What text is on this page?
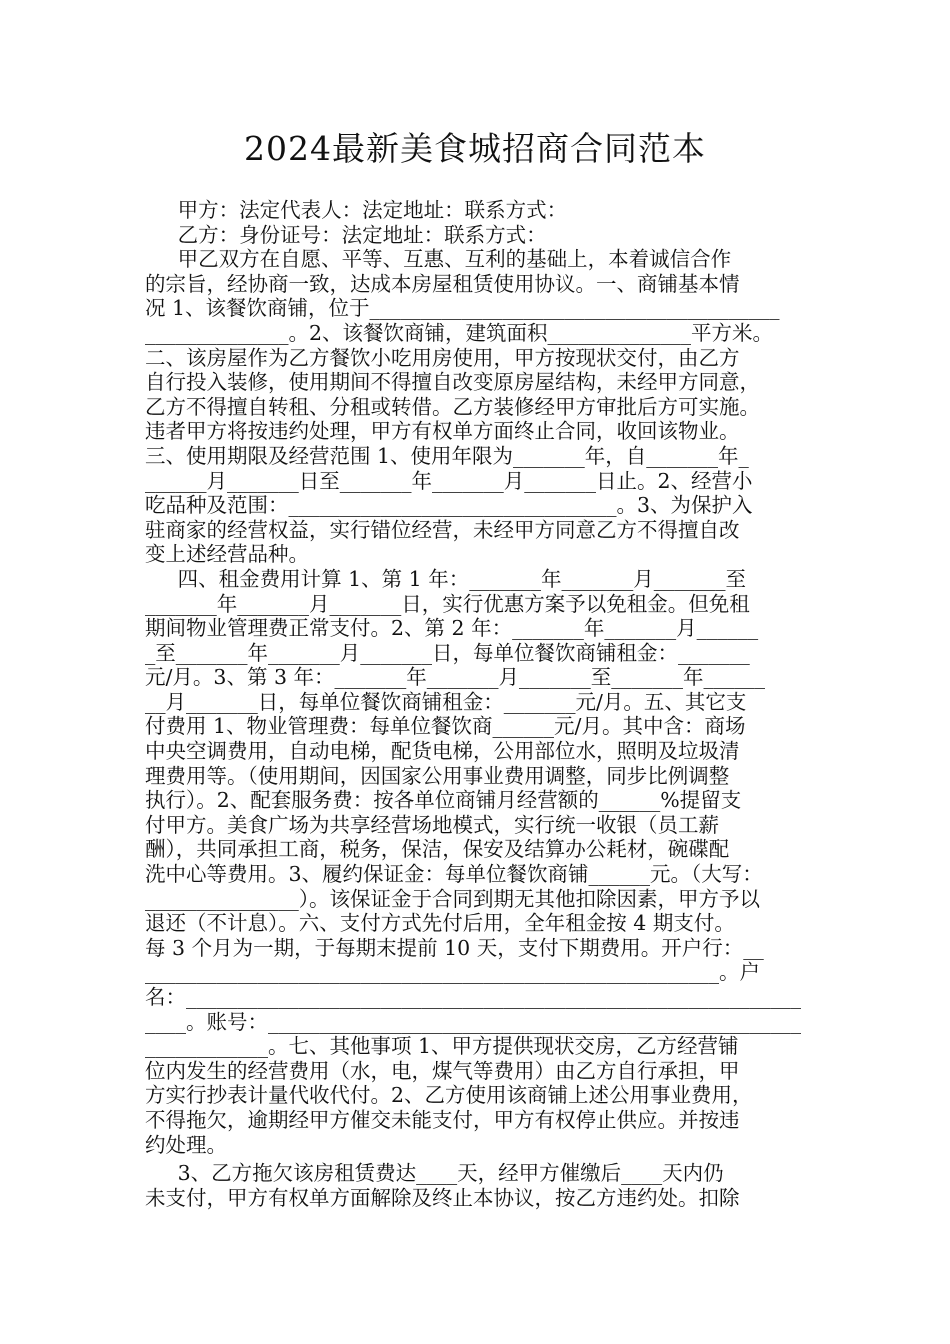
2024最新美食城招商合同范本
甲方：法定代表人：法定地址：联系方式：
乙方：身份证号：法定地址：联系方式：
甲乙双方在自愿、平等、互惠、互利的基础上，本着诚信合作
的宗旨，经协商一致，达成本房屋租赁使用协议。一、商铺基本情
况 1、该餐饮商铺，位于________________________________________
______________。2、该餐饮商铺，建筑面积______________平方米。
二、该房屋作为乙方餐饮小吃用房使用，甲方按现状交付，由乙方
自行投入装修，使用期间不得擅自改变原房屋结构，未经甲方同意，
乙方不得擅自转租、分租或转借。乙方装修经甲方审批后方可实施。
违者甲方将按违约处理，甲方有权单方面终止合同，收回该物业。
三、使用期限及经营范围 1、使用年限为_______年，自_______年_
______月_______日至_______年_______月_______日止。2、经营小
吃品种及范围：________________________________。3、为保护入
驻商家的经营权益，实行错位经营，未经甲方同意乙方不得擅自改
变上述经营品种。
四、租金费用计算 1、第 1 年：_______年_______月_______至
_______年_______月_______日，实行优惠方案予以免租金。但免租
期间物业管理费正常支付。2、第 2 年：_______年_______月______
_至_______年_______月_______日，每单位餐饮商铺租金：_______
元/月。3、第 3 年：_______年_______月_______至_______年______
__月_______日，每单位餐饮商铺租金：_______元/月。五、其它支
付费用 1、物业管理费：每单位餐饮商______元/月。其中含：商场
中央空调费用，自动电梯，配货电梯，公用部位水，照明及垃圾清
理费用等。（使用期间，因国家公用事业费用调整，同步比例调整
执行）。2、配套服务费：按各单位商铺月经营额的______%提留支
付甲方。美食广场为共享经营场地模式，实行统一收银（员工薪
酬），共同承担工商，税务，保洁，保安及结算办公耗材，碗碟配
洗中心等费用。3、履约保证金：每单位餐饮商铺______元。（大写：
_______________）。该保证金于合同到期无其他扣除因素，甲方予以
退还（不计息）。六、支付方式先付后用，全年租金按 4 期支付。
每 3 个月为一期，于每期末提前 10 天，支付下期费用。开户行：__
________________________________________________________。户
名：____________________________________________________________
____。账号：____________________________________________________
____________。七、其他事项 1、甲方提供现状交房，乙方经营铺
位内发生的经营费用（水，电，煤气等费用）由乙方自行承担，甲
方实行抄表计量代收代付。2、乙方使用该商铺上述公用事业费用，
不得拖欠，逾期经甲方催交未能支付，甲方有权停止供应。并按违
约处理。
3、乙方拖欠该房租赁费达____天，经甲方催缴后____天内仍
未支付，甲方有权单方面解除及终止本协议，按乙方违约处。扣除
